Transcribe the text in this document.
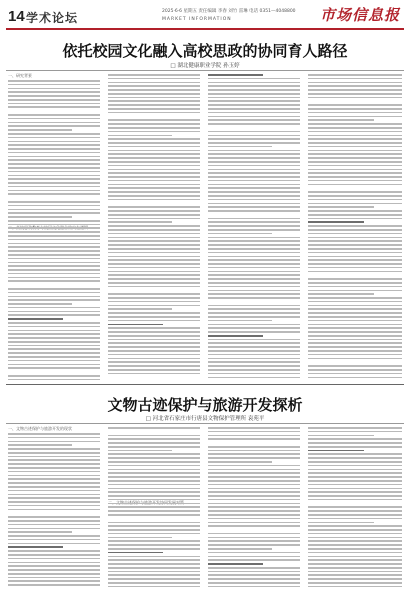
14 学术论坛	2025·6·6 星期五 责任编辑 李春 刘竹 雷琳 电话 0351—4048800
MARKET INFORMATION	市场信息报
依托校园文化融入高校思政的协同育人路径
□ 湖北健康职业学院 孙玉婷
一、研究背景
文物古迹保护与旅游开发探析
□ 河北省石家庄市行唐县文物保护管理所 袁苑平
一、文物古迹保护与旅游开发的现状
